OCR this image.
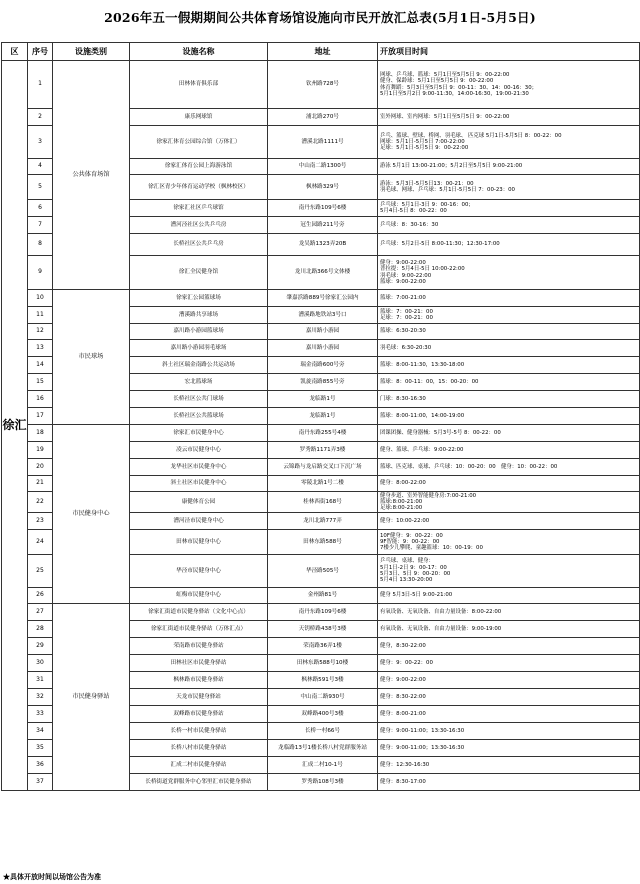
2026年五一假期期间公共体育场馆设施向市民开放汇总表(5月1日-5月5日)
区	序号	设施类别	设施名称	地址	开放项目时间
徐汇	1	公共体育场馆	田林体育俱乐部	钦州路728号	网球、乒乓球、篮球：5月1日至5月5日 9：00-22:00
健身、保龄球：5月1日至5月5日 9：00-22:00
体育舞蹈：5月3日至5月5日 9：00-11：30、14：00-16：30；
5月1日至5月2日 9:00-11:30，14:00-16:30，19:00-21:30
	2		康乐网球馆	浦北路270号	室外网球、室内网球：5月1日至5月5日 9：00-22:00
	3		徐家汇体育公园综合馆（万体汇）	漕溪北路1111号	乒乓、篮球、壁球、桥网、羽毛球、 匹克球 5月1日-5月5日 8：00-22：00
网球：5月1日-5月5日 7:00-22:00
足球：5月1日-5月5日 9：00-22:00
	4		徐家汇体育公园上海游泳馆	中山南二路1300号	游泳 5月1日 13:00-21:00；5月2日至5月5日 9:00-21:00
	5		徐汇区青少年体育运动学校（枫林校区）	枫林路329号	游泳：5月3日-5月5日13：00-21：00
羽毛球、网球、乒乓球：5月1日-5月5日 7：00-23：00
	6		徐家汇社区乒乓球馆	南丹东路109号6楼	乒乓球：5月1日-3日 9：00-16：00；
5月4日-5日 8：00-22：00
	7		漕河泾社区公共乒乓房	冠生园路211号旁	乒乓球：8：30-16：30
	8		长桥社区公共乒乓房	龙吴路1323弄20B	乒乓球：5月2日-5日 8:00-11:30；12:30-17:00
	9		徐汇全民健身馆	龙川北路366号文体楼	健身：9:00-22:00
普拉提：5月4日-5日 10:00-22:00
羽毛球：9:00-22:00
篮球：9:00-22:00
	10	市民球场	徐家汇公园篮球场	肇嘉浜路889号徐家汇公园内	篮球：7:00-21:00
	11		漕溪路共享球场	漕溪路地铁站3号口	篮球：7：00-21：00
足球：7：00-21：00
	12		嘉川路小游园篮球场	嘉川路小游园	篮球：6:30-20:30
	13		嘉川路小游园羽毛球场	嘉川路小游园	羽毛球：6:30-20:30
	14		斜土社区瑞金南路公共运动场	瑞金南路600号旁	篮球：8:00-11:30，13:30-18:00
	15		宏北篮球场	凯旋南路855号旁	篮球：8：00-11：00，15：00-20：00
	16		长桥社区公共门球场	龙临路1号	门球：8:30-16:30
	17		长桥社区公共篮球场	龙临路1号	篮球：8:00-11:00，14:00-19:00
	18	市民健身中心	徐家汇市民健身中心	南丹东路255号4楼	团课团操、健身器械：5月3号-5号 8：00-22：00
	19		凌云市民健身中心	罗秀路1171弄3楼	健身、篮球、乒乓球：9:00-22:00
	20		龙华社区市民健身中心	云锦路与龙启路交叉口下沉广场	篮球、匹克球、桌球、乒乓球：10：00-20：00　健身：10：00-22：00
	21		斜土社区市民健身中心	零陵北路1号二楼	健身：8:00-22:00
	22		康健体育公园	桂林西街168号	健身步道、室外智能健身房:7:00-21:00
篮球:8:00-21:00
足球:8:00-21:00
	23		漕河泾市民健身中心	龙川北路777弄	健身：10:00-22:00
	24		田林市民健身中心	田林东路588号	10F健身：9：00-22：00
9F智能：9：00-22：00
7楼少儿攀爬、童趣篮球：10：00-19：00
	25		华泾市民健身中心	华泾路505号	乒乓球、桌球、健身：
5月1日-2日 9：00-17：00
5月3日、5日 9：00-20：00
5月4日 13:30-20:00
	26		虹梅市民健身中心	金州路81号	健身 5月3日-5日 9:00-21:00
	27	市民健身驿站	徐家汇街道市民健身驿站（文化中心点）	南丹东路109号6楼	有氧设备、无氧设备、自由力量设备：8:00-22:00
	28		徐家汇街道市民健身驿站（万体汇点）	天钥桥路438号3楼	有氧设备、无氧设备、自由力量设备：9:00-19:00
	29		荣南路市民健身驿站	荣南路36弄1楼	健身，8:30-22:00
	30		田林社区市民健身驿站	田林东路588号10楼	健身：9：00-22：00
	31		枫林路市民健身驿站	枫林路591号3楼	健身：9:00-22:00
	32		天龙市民健身驿站	中山南二路930号	健身：8:30-22:00
	33		双峰路市民健身驿站	双峰路400号3楼	健身：8:00-21:00
	34		长桥一村市民健身驿站	长桥一村66号	健身：9:00-11:00；13:30-16:30
	35		长桥八村市民健身驿站	龙临路13号1楼长桥八村党群服务站	健身：9:00-11:00；13:30-16:30
	36		汇成二村市民健身驿站	汇成二村10-1号	健身：12:30-16:30
	37		长桥街道党群服务中心邻里汇市民健身驿站	罗秀路108号3楼	健身：8:30-17:00
★具体开放时间以场馆公告为准
